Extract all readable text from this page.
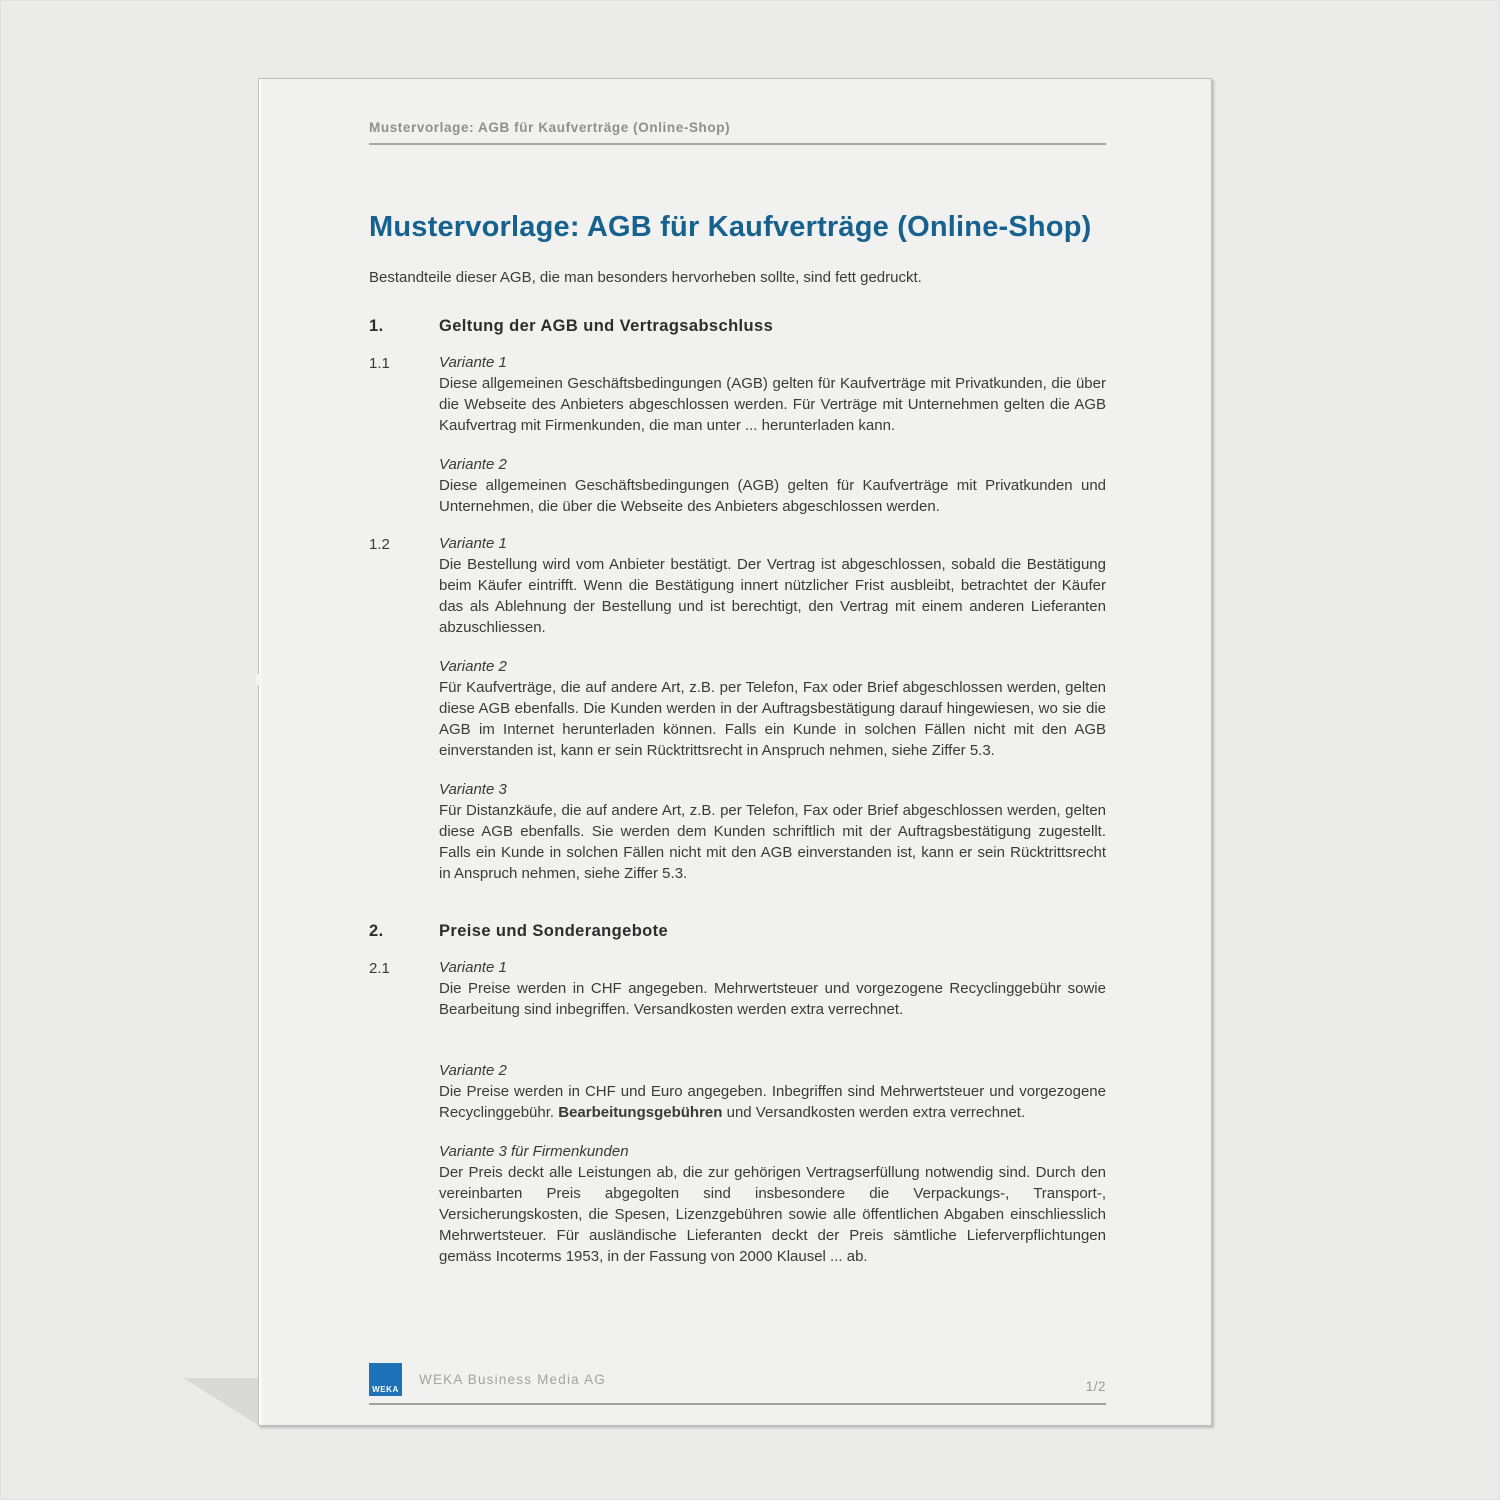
Mustervorlage: AGB für Kaufverträge (Online-Shop)
Mustervorlage: AGB für Kaufverträge (Online-Shop)

Bestandteile dieser AGB, die man besonders hervorheben sollte, sind fett gedruckt.

1.	Geltung der AGB und Vertragsabschluss
1.1	Variante 1

Diese allgemeinen Geschäftsbedingungen (AGB) gelten für Kaufverträge mit Privatkunden, die über die Webseite des Anbieters abgeschlossen werden. Für Verträge mit Unternehmen gelten die AGB Kaufvertrag mit Firmenkunden, die man unter ... herunterladen kann.

Variante 2

Diese allgemeinen Geschäftsbedingungen (AGB) gelten für Kaufverträge mit Privatkunden und Unternehmen, die über die Webseite des Anbieters abgeschlossen werden.

1.2	Variante 1

Die Bestellung wird vom Anbieter bestätigt. Der Vertrag ist abgeschlossen, sobald die Bestätigung beim Käufer eintrifft. Wenn die Bestätigung innert nützlicher Frist ausbleibt, betrachtet der Käufer das als Ablehnung der Bestellung und ist berechtigt, den Vertrag mit einem anderen Lieferanten abzuschliessen.

Variante 2

Für Kaufverträge, die auf andere Art, z.B. per Telefon, Fax oder Brief abgeschlossen werden, gelten diese AGB ebenfalls. Die Kunden werden in der Auftragsbestätigung darauf hingewiesen, wo sie die AGB im Internet herunterladen können. Falls ein Kunde in solchen Fällen nicht mit den AGB einverstanden ist, kann er sein Rücktrittsrecht in Anspruch nehmen, siehe Ziffer 5.3.

Variante 3

Für Distanzkäufe, die auf andere Art, z.B. per Telefon, Fax oder Brief abgeschlossen werden, gelten diese AGB ebenfalls. Sie werden dem Kunden schriftlich mit der Auftragsbestätigung zugestellt. Falls ein Kunde in solchen Fällen nicht mit den AGB einverstanden ist, kann er sein Rücktrittsrecht in Anspruch nehmen, siehe Ziffer 5.3.

2.	Preise und Sonderangebote
2.1	Variante 1

Die Preise werden in CHF angegeben. Mehrwertsteuer und vorgezogene Recyclinggebühr sowie Bearbeitung sind inbegriffen. Versandkosten werden extra verrechnet.

Variante 2

Die Preise werden in CHF und Euro angegeben. Inbegriffen sind Mehrwertsteuer und vorgezogene Recyclinggebühr. Bearbeitungsgebühren und Versandkosten werden extra verrechnet.

Variante 3 für Firmenkunden

Der Preis deckt alle Leistungen ab, die zur gehörigen Vertragserfüllung notwendig sind. Durch den vereinbarten Preis abgegolten sind insbesondere die Verpackungs-, Transport-, Versicherungskosten, die Spesen, Lizenzgebühren sowie alle öffentlichen Abgaben einschliesslich Mehrwertsteuer. Für ausländische Lieferanten deckt der Preis sämtliche Lieferverpflichtungen gemäss Incoterms 1953, in der Fassung von 2000 Klausel ... ab.

WEKA
WEKA Business Media AG	1/2
